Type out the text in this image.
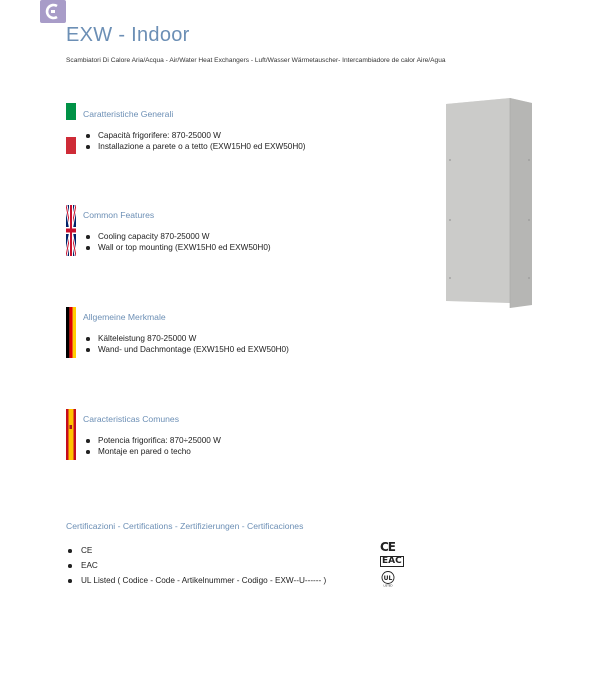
EXW - Indoor
Scambiatori Di Calore Aria/Acqua - Air/Water Heat Exchangers - Luft/Wasser Wärmetauscher- Intercambiadore de calor Aire/Agua
Caratteristiche Generali
Capacità frigorifere: 870-25000 W
Installazione a parete o a tetto (EXW15H0 ed EXW50H0)
Common Features
Cooling capacity 870-25000 W
Wall or top mounting (EXW15H0 ed EXW50H0)
Allgemeine Merkmale
Kälteleistung 870-25000 W
Wand- und Dachmontage (EXW15H0 ed EXW50H0)
Caracteristicas Comunes
Potencia frigorifica: 870÷25000 W
Montaje en pared o techo
Certificazioni - Certifications - Zertifizierungen - Certificaciones
CE
EAC
UL Listed ( Codice - Code - Artikelnummer - Codigo - EXW--U------ )
CE
EAC
UL
LISTED
